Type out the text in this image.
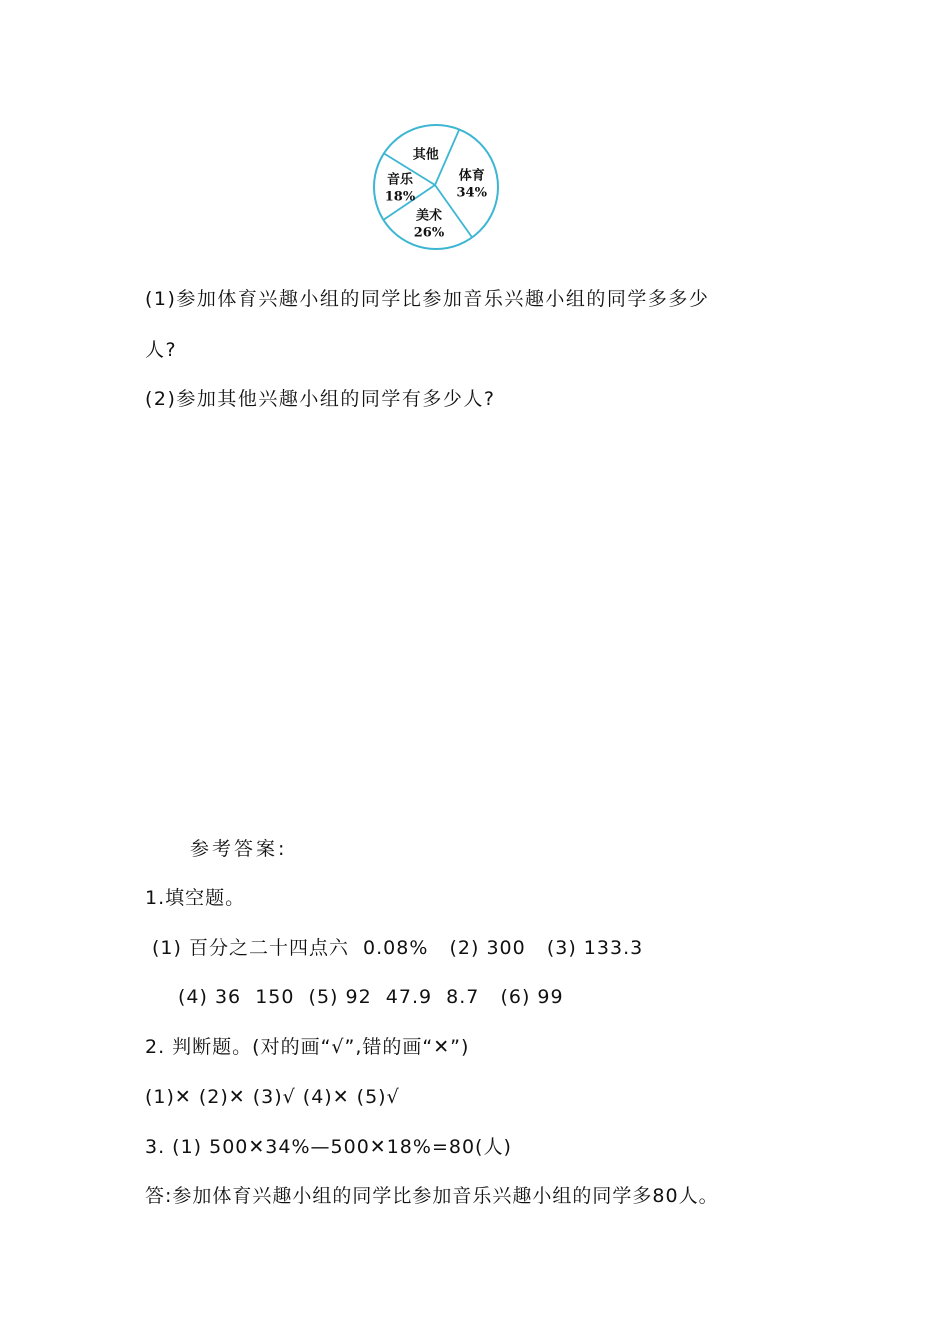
体育
34%
美术
26%
音乐
18%
其他
(1)参加体育兴趣小组的同学比参加音乐兴趣小组的同学多多少
人?
(2)参加其他兴趣小组的同学有多少人?
参考答案:
1.填空题。
(1) 百分之二十四点六  0.08%   (2) 300   (3) 133.3
(4) 36  150  (5) 92  47.9  8.7   (6) 99
2. 判断题。(对的画“√”,错的画“✕”)
(1)✕ (2)✕ (3)√ (4)✕ (5)√
3. (1) 500✕34%—500✕18%=80(人)
答:参加体育兴趣小组的同学比参加音乐兴趣小组的同学多80人。
